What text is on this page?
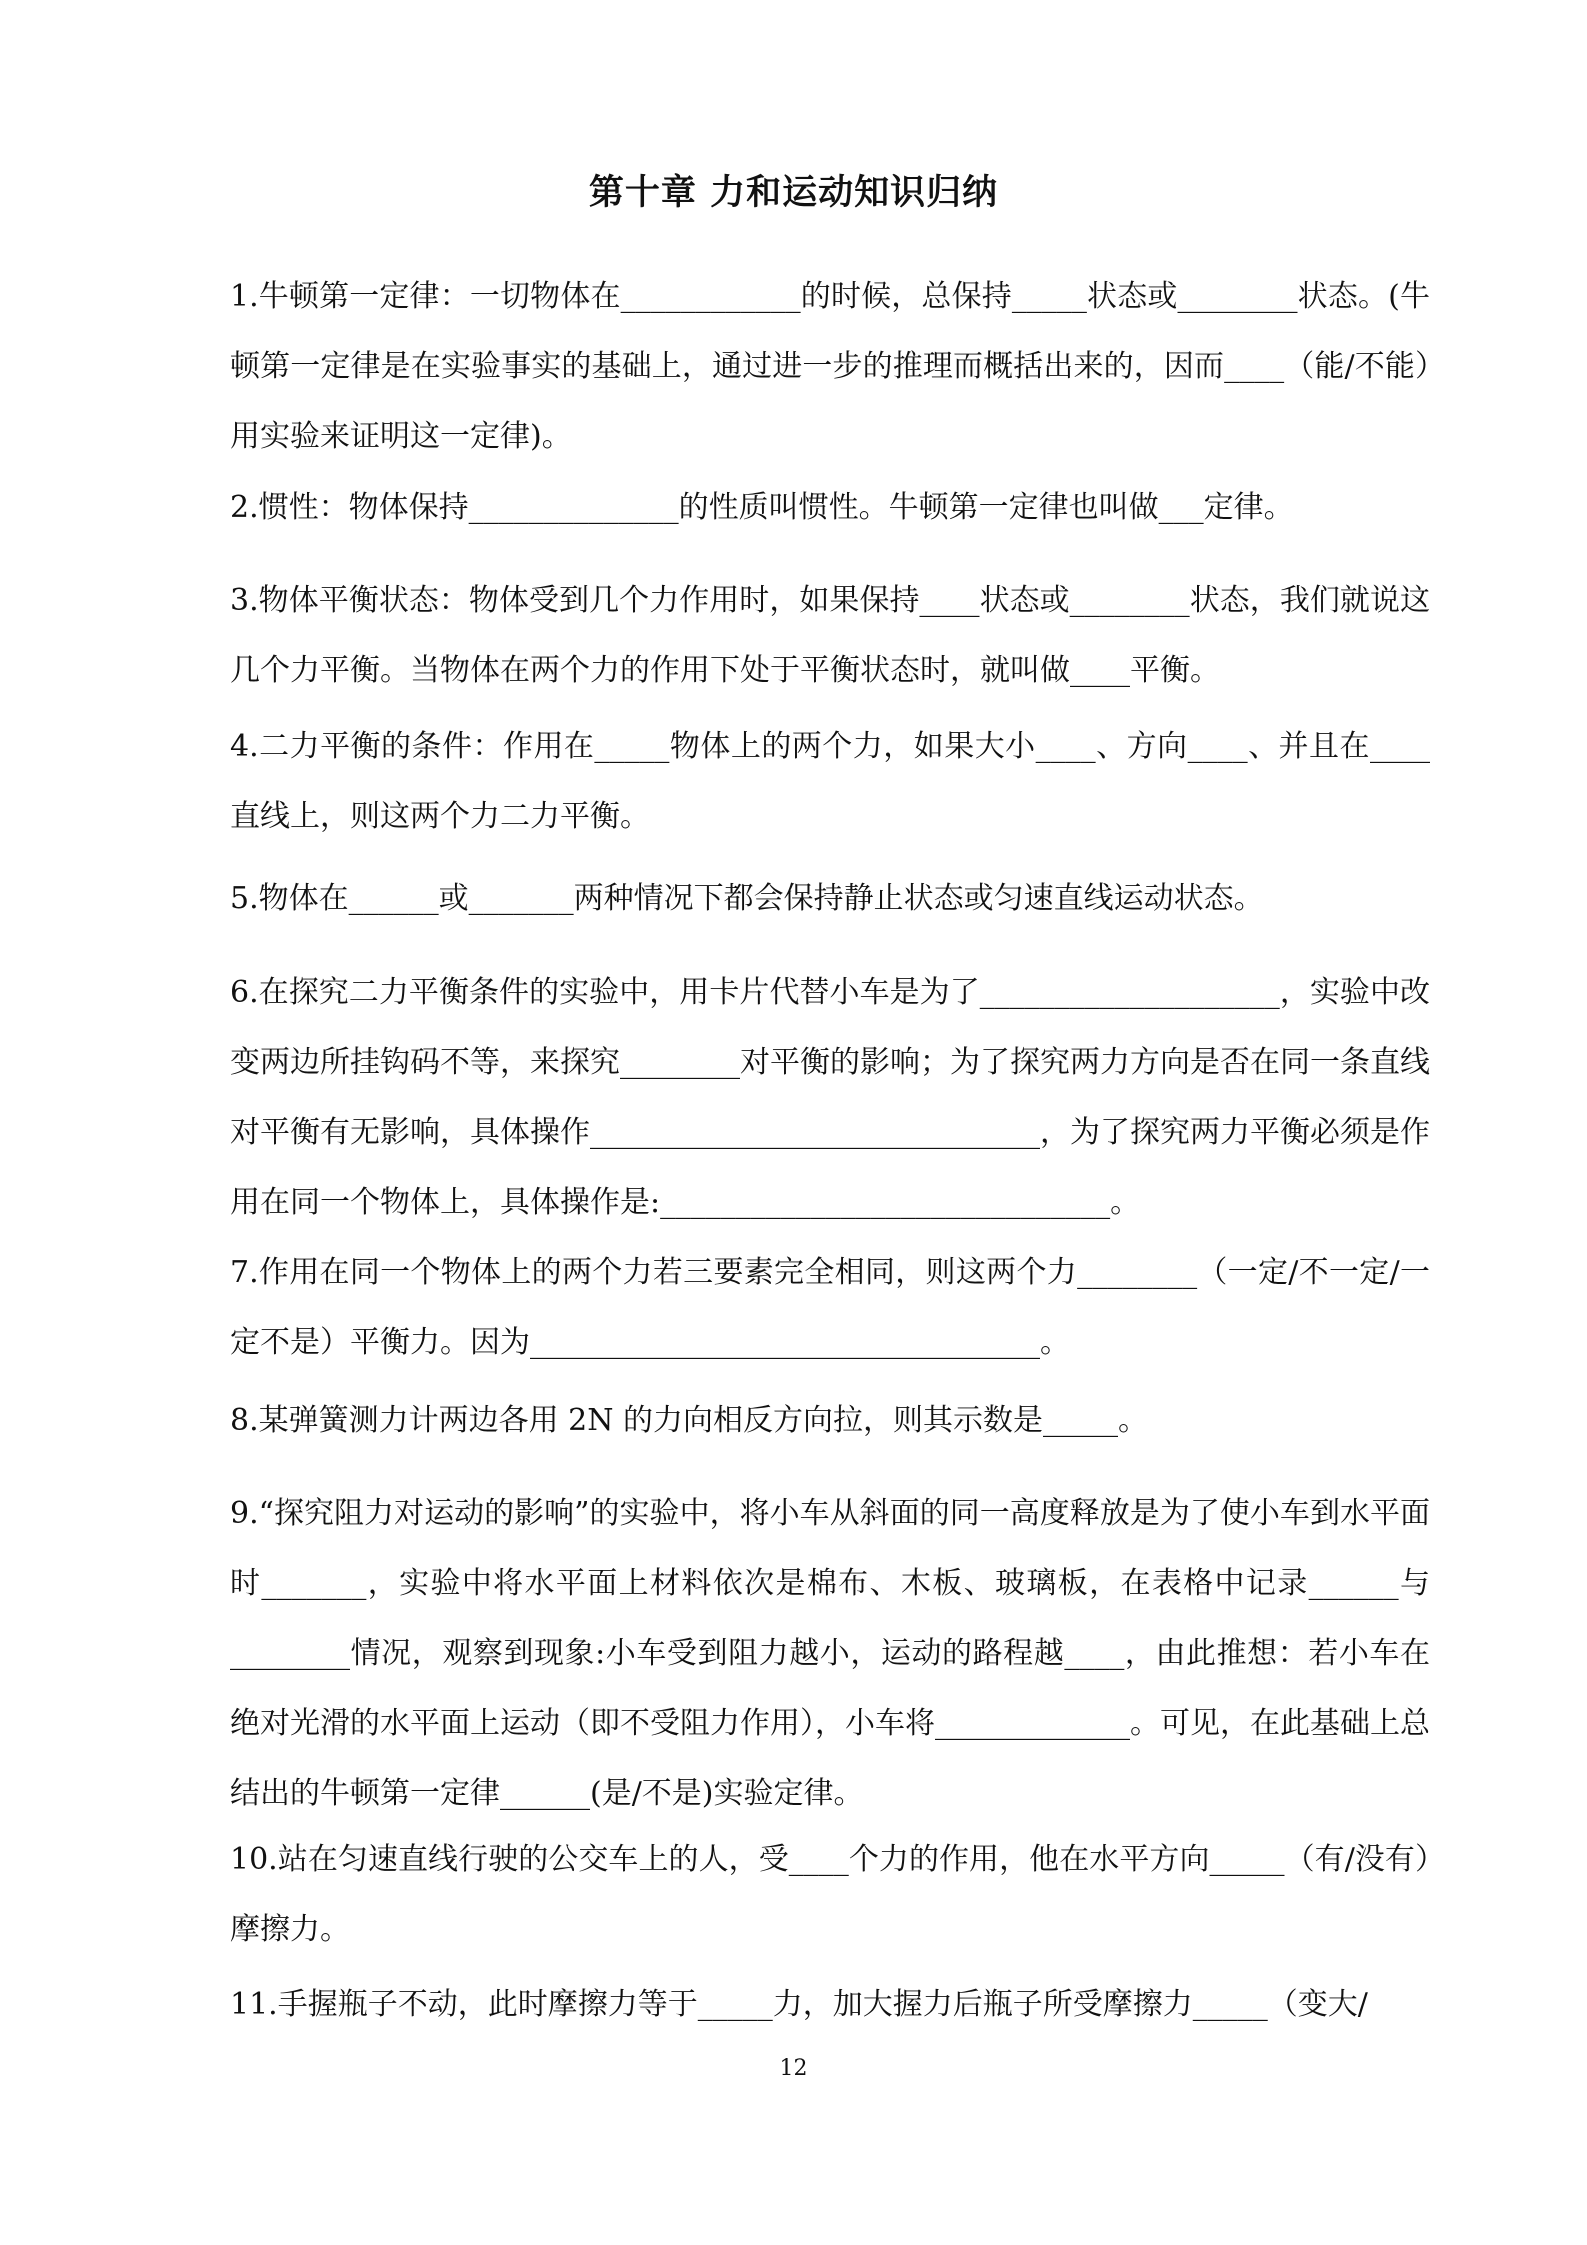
第十章 力和运动知识归纳
1.牛顿第一定律：一切物体在____________的时候，总保持_____状态或________状态。(牛顿第一定律是在实验事实的基础上，通过进一步的推理而概括出来的，因而____（能/不能）用实验来证明这一定律)。
2.惯性：物体保持______________的性质叫惯性。牛顿第一定律也叫做___定律。
3.物体平衡状态：物体受到几个力作用时，如果保持____状态或________状态，我们就说这几个力平衡。当物体在两个力的作用下处于平衡状态时，就叫做____平衡。
4.二力平衡的条件：作用在_____物体上的两个力，如果大小____、方向____、并且在____直线上，则这两个力二力平衡。
5.物体在______或_______两种情况下都会保持静止状态或匀速直线运动状态。
6.在探究二力平衡条件的实验中，用卡片代替小车是为了____________________，实验中改变两边所挂钩码不等，来探究________对平衡的影响；为了探究两力方向是否在同一条直线对平衡有无影响，具体操作______________________________，为了探究两力平衡必须是作用在同一个物体上，具体操作是:______________________________。
7.作用在同一个物体上的两个力若三要素完全相同，则这两个力________（一定/不一定/一定不是）平衡力。因为__________________________________。
8.某弹簧测力计两边各用 2N 的力向相反方向拉，则其示数是_____。
9.“探究阻力对运动的影响”的实验中，将小车从斜面的同一高度释放是为了使小车到水平面时_______，实验中将水平面上材料依次是棉布、木板、玻璃板，在表格中记录______与________情况，观察到现象:小车受到阻力越小，运动的路程越____，由此推想：若小车在绝对光滑的水平面上运动（即不受阻力作用），小车将_____________。可见，在此基础上总结出的牛顿第一定律______(是/不是)实验定律。
10.站在匀速直线行驶的公交车上的人，受____个力的作用，他在水平方向_____（有/没有）摩擦力。
11.手握瓶子不动，此时摩擦力等于_____力，加大握力后瓶子所受摩擦力_____（变大/
12
